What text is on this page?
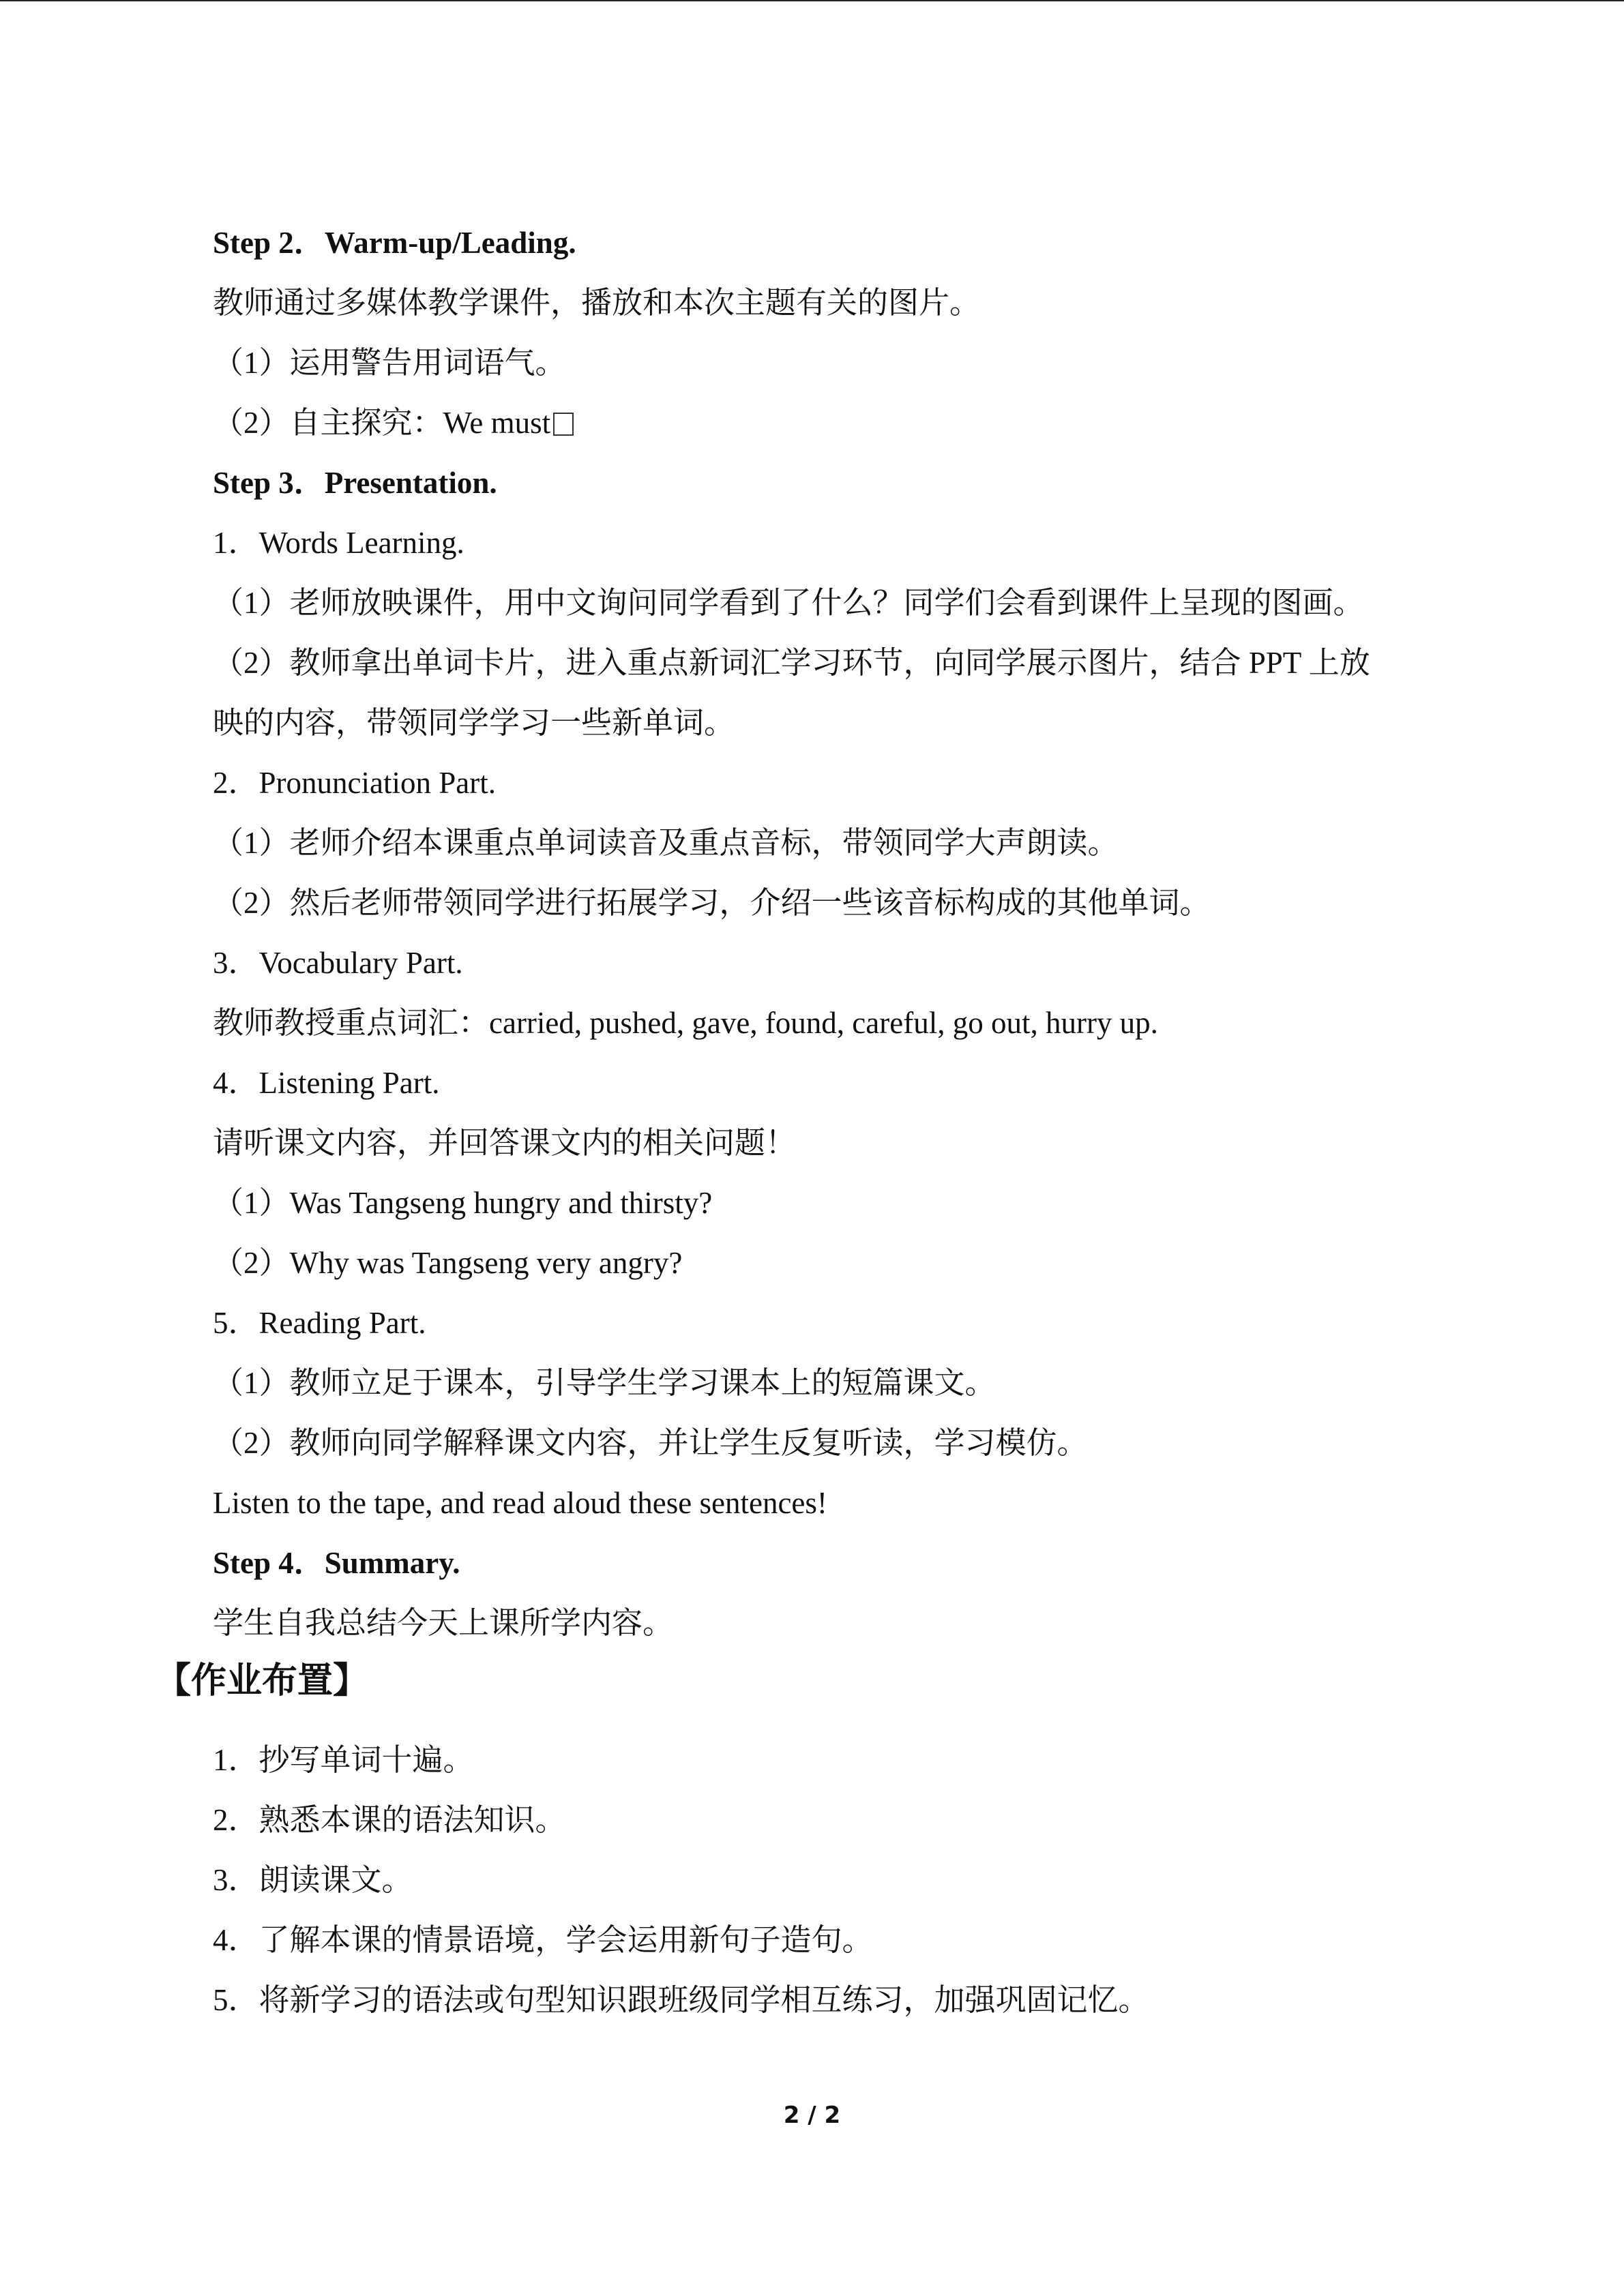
Step 2．Warm-up/Leading.
教师通过多媒体教学课件，播放和本次主题有关的图片。
（1）运用警告用词语气。
（2）自主探究：We must
Step 3．Presentation.
1．Words Learning.
（1）老师放映课件，用中文询问同学看到了什么？同学们会看到课件上呈现的图画。
（2）教师拿出单词卡片，进入重点新词汇学习环节，向同学展示图片，结合 PPT 上放
映的内容，带领同学学习一些新单词。
2．Pronunciation Part.
（1）老师介绍本课重点单词读音及重点音标，带领同学大声朗读。
（2）然后老师带领同学进行拓展学习，介绍一些该音标构成的其他单词。
3．Vocabulary Part.
教师教授重点词汇：carried, pushed, gave, found, careful, go out, hurry up.
4．Listening Part.
请听课文内容，并回答课文内的相关问题！
（1）Was Tangseng hungry and thirsty?
（2）Why was Tangseng very angry?
5．Reading Part.
（1）教师立足于课本，引导学生学习课本上的短篇课文。
（2）教师向同学解释课文内容，并让学生反复听读，学习模仿。
Listen to the tape, and read aloud these sentences!
Step 4．Summary.
学生自我总结今天上课所学内容。
【作业布置】
1．抄写单词十遍。
2．熟悉本课的语法知识。
3．朗读课文。
4．了解本课的情景语境，学会运用新句子造句。
5．将新学习的语法或句型知识跟班级同学相互练习，加强巩固记忆。
2 / 2
